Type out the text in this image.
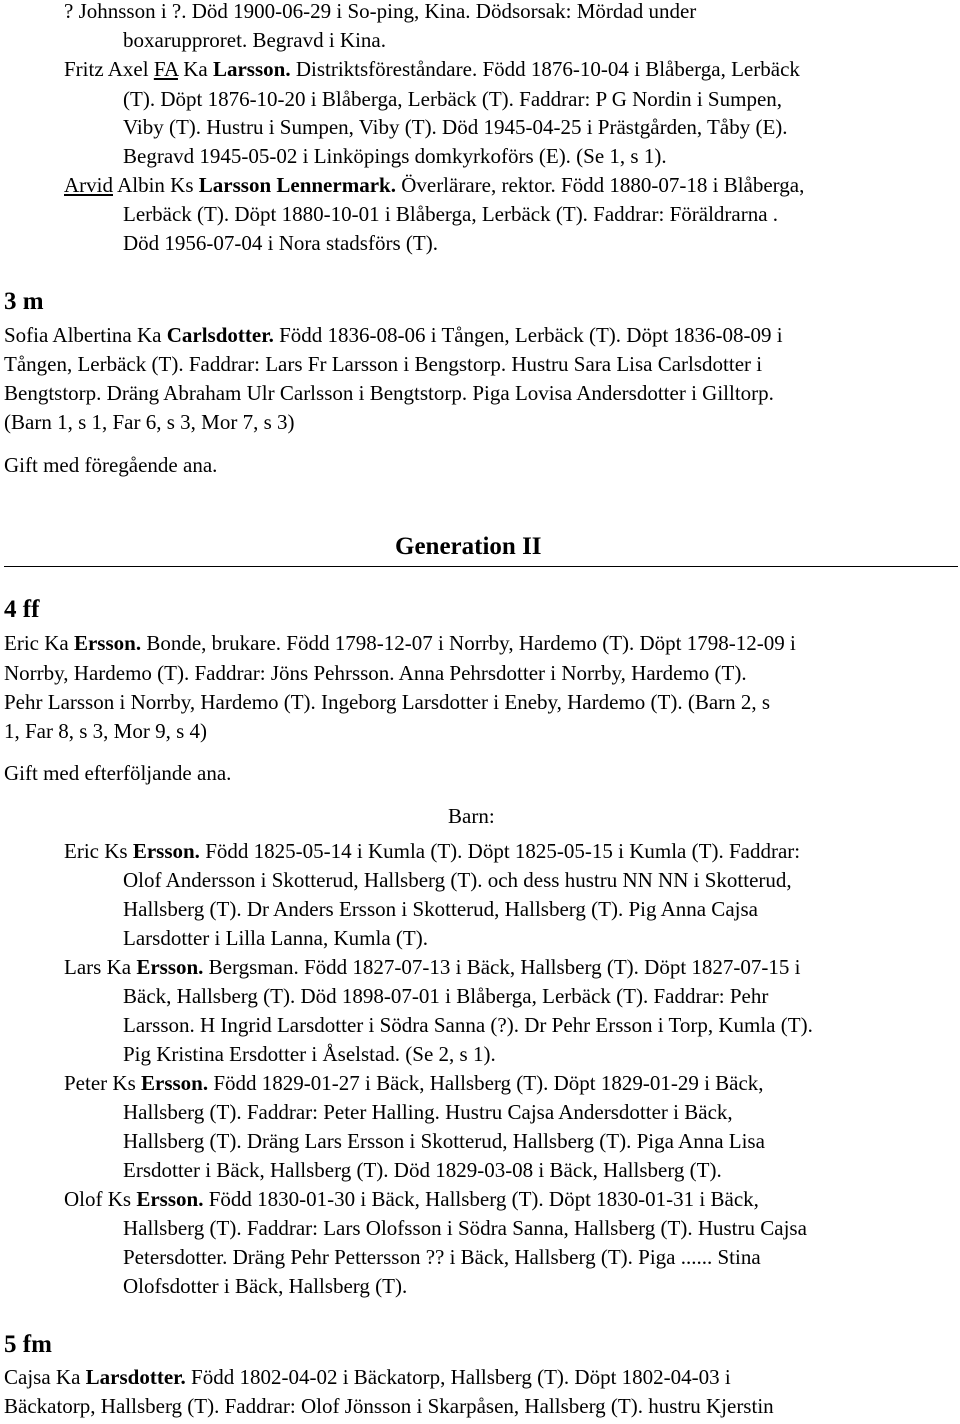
? Johnsson i ?. Död 1900-06-29 i So-ping, Kina. Dödsorsak: Mördad under
boxarupproret. Begravd i Kina.
Fritz Axel FA Ka Larsson. Distriktsföreståndare. Född 1876-10-04 i Blåberga, Lerbäck
(T). Döpt 1876-10-20 i Blåberga, Lerbäck (T). Faddrar: P G Nordin i Sumpen,
Viby (T). Hustru i Sumpen, Viby (T). Död 1945-04-25 i Prästgården, Tåby (E).
Begravd 1945-05-02 i Linköpings domkyrkoförs (E). (Se 1, s 1).
Arvid Albin Ks Larsson Lennermark. Överlärare, rektor. Född 1880-07-18 i Blåberga,
Lerbäck (T). Döpt 1880-10-01 i Blåberga, Lerbäck (T). Faddrar: Föräldrarna .
Död 1956-07-04 i Nora stadsförs (T).
3 m
Sofia Albertina Ka Carlsdotter. Född 1836-08-06 i Tången, Lerbäck (T). Döpt 1836-08-09 i
Tången, Lerbäck (T). Faddrar: Lars Fr Larsson i Bengstorp. Hustru Sara Lisa Carlsdotter i
Bengtstorp. Dräng Abraham Ulr Carlsson i Bengtstorp. Piga Lovisa Andersdotter i Gilltorp.
(Barn 1, s 1, Far 6, s 3, Mor 7, s 3)
Gift med föregående ana.
Generation II
4 ff
Eric Ka Ersson. Bonde, brukare. Född 1798-12-07 i Norrby, Hardemo (T). Döpt 1798-12-09 i
Norrby, Hardemo (T). Faddrar: Jöns Pehrsson. Anna Pehrsdotter i Norrby, Hardemo (T).
Pehr Larsson i Norrby, Hardemo (T). Ingeborg Larsdotter i Eneby, Hardemo (T). (Barn 2, s
1, Far 8, s 3, Mor 9, s 4)
Gift med efterföljande ana.
Barn:
Eric Ks Ersson. Född 1825-05-14 i Kumla (T). Döpt 1825-05-15 i Kumla (T). Faddrar:
Olof Andersson i Skotterud, Hallsberg (T). och dess hustru NN NN i Skotterud,
Hallsberg (T). Dr Anders Ersson i Skotterud, Hallsberg (T). Pig Anna Cajsa
Larsdotter i Lilla Lanna, Kumla (T).
Lars Ka Ersson. Bergsman. Född 1827-07-13 i Bäck, Hallsberg (T). Döpt 1827-07-15 i
Bäck, Hallsberg (T). Död 1898-07-01 i Blåberga, Lerbäck (T). Faddrar: Pehr
Larsson. H Ingrid Larsdotter i Södra Sanna (?). Dr Pehr Ersson i Torp, Kumla (T).
Pig Kristina Ersdotter i Åselstad. (Se 2, s 1).
Peter Ks Ersson. Född 1829-01-27 i Bäck, Hallsberg (T). Döpt 1829-01-29 i Bäck,
Hallsberg (T). Faddrar: Peter Halling. Hustru Cajsa Andersdotter i Bäck,
Hallsberg (T). Dräng Lars Ersson i Skotterud, Hallsberg (T). Piga Anna Lisa
Ersdotter i Bäck, Hallsberg (T). Död 1829-03-08 i Bäck, Hallsberg (T).
Olof Ks Ersson. Född 1830-01-30 i Bäck, Hallsberg (T). Döpt 1830-01-31 i Bäck,
Hallsberg (T). Faddrar: Lars Olofsson i Södra Sanna, Hallsberg (T). Hustru Cajsa
Petersdotter. Dräng Pehr Pettersson ?? i Bäck, Hallsberg (T). Piga ...... Stina
Olofsdotter i Bäck, Hallsberg (T).
5 fm
Cajsa Ka Larsdotter. Född 1802-04-02 i Bäckatorp, Hallsberg (T). Döpt 1802-04-03 i
Bäckatorp, Hallsberg (T). Faddrar: Olof Jönsson i Skarpåsen, Hallsberg (T). hustru Kjerstin
